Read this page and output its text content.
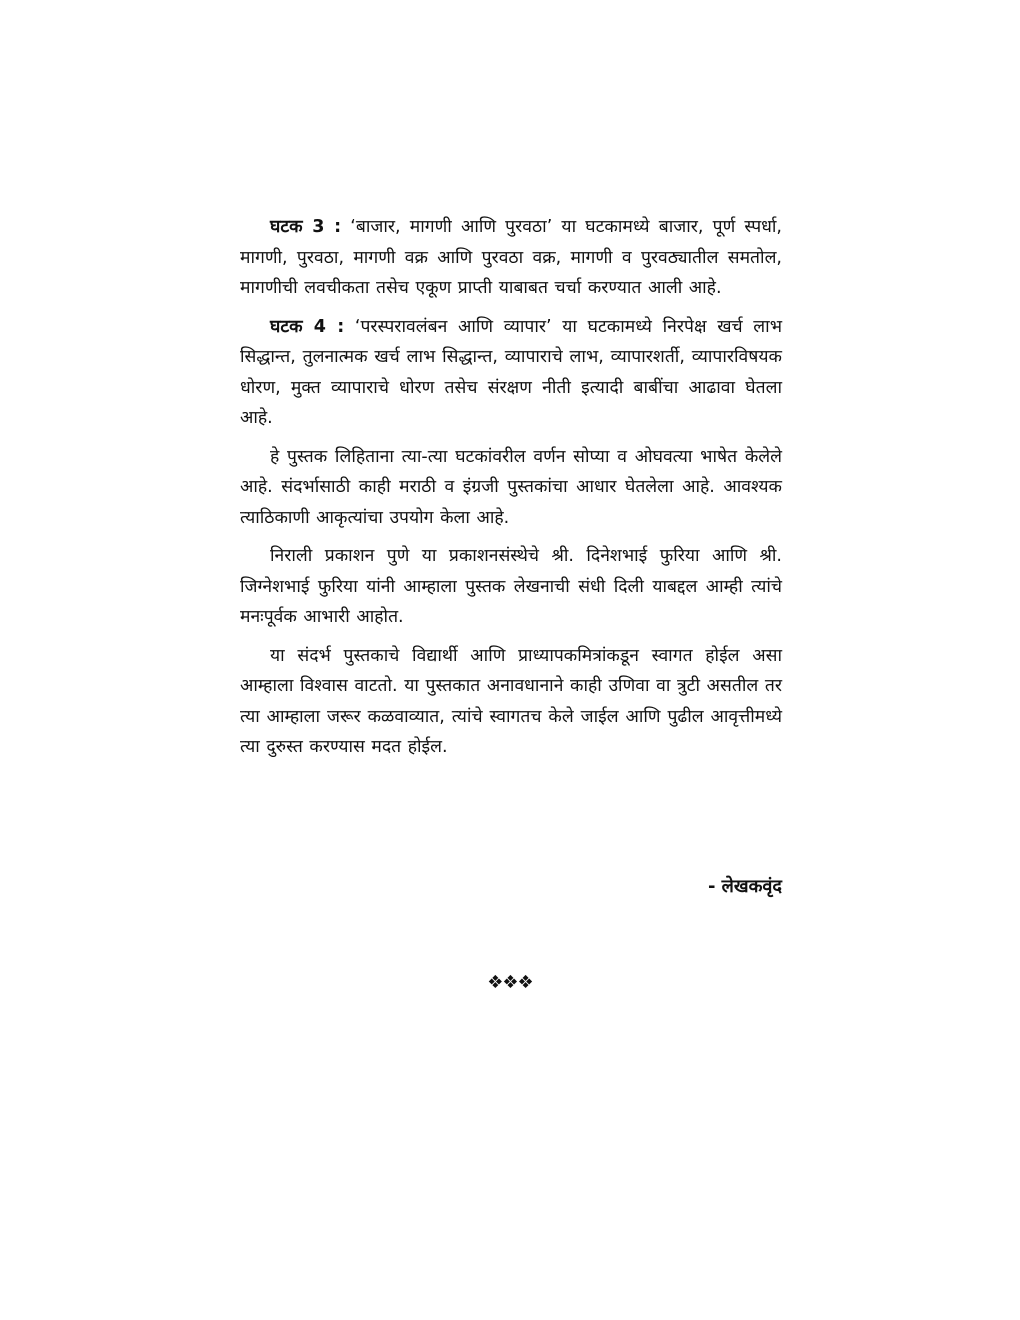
घटक 3 : ‘बाजार, मागणी आणि पुरवठा’ या घटकामध्ये बाजार, पूर्ण स्पर्धा, मागणी, पुरवठा, मागणी वक्र आणि पुरवठा वक्र, मागणी व पुरवठ्यातील समतोल, मागणीची लवचीकता तसेच एकूण प्राप्ती याबाबत चर्चा करण्यात आली आहे.

घटक 4 : ‘परस्परावलंबन आणि व्यापार’ या घटकामध्ये निरपेक्ष खर्च लाभ सिद्धान्त, तुलनात्मक खर्च लाभ सिद्धान्त, व्यापाराचे लाभ, व्यापारशर्ती, व्यापारविषयक धोरण, मुक्त व्यापाराचे धोरण तसेच संरक्षण नीती इत्यादी बाबींचा आढावा घेतला आहे.

हे पुस्तक लिहिताना त्या-त्या घटकांवरील वर्णन सोप्या व ओघवत्या भाषेत केलेले आहे. संदर्भासाठी काही मराठी व इंग्रजी पुस्तकांचा आधार घेतलेला आहे. आवश्यक त्याठिकाणी आकृत्यांचा उपयोग केला आहे.

निराली प्रकाशन पुणे या प्रकाशनसंस्थेचे श्री. दिनेशभाई फुरिया आणि श्री. जिग्नेशभाई फुरिया यांनी आम्हाला पुस्तक लेखनाची संधी दिली याबद्दल आम्ही त्यांचे मनःपूर्वक आभारी आहोत.

या संदर्भ पुस्तकाचे विद्यार्थी आणि प्राध्यापकमित्रांकडून स्वागत होईल असा आम्हाला विश्वास वाटतो. या पुस्तकात अनावधानाने काही उणिवा वा त्रुटी असतील तर त्या आम्हाला जरूर कळवाव्यात, त्यांचे स्वागतच केले जाईल आणि पुढील आवृत्तीमध्ये त्या दुरुस्त करण्यास मदत होईल.

- लेखकवृंद
❖❖❖
